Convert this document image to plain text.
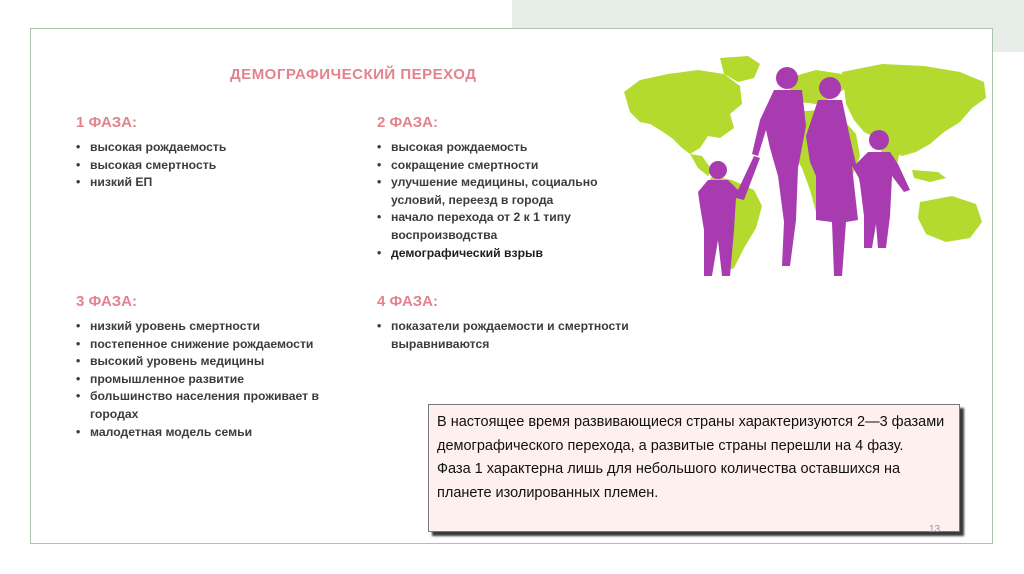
ДЕМОГРАФИЧЕСКИЙ ПЕРЕХОД
1 ФАЗА:
• высокая рождаемость
• высокая смертность
• низкий ЕП
2 ФАЗА:
• высокая рождаемость
• сокращение смертности
• улучшение медицины, социально условий, переезд в города
• начало перехода от 2 к 1 типу воспроизводства
• демографический взрыв
3 ФАЗА:
• низкий уровень смертности
• постепенное снижение рождаемости
• высокий уровень медицины
• промышленное развитие
• большинство населения проживает в городах
• малодетная модель семьи
4 ФАЗА:
• показатели рождаемости и смертности выравниваются

В настоящее время развивающиеся страны характеризуются 2—3 фазами демографического перехода, а развитые страны перешли на 4 фазу.

Фаза 1 характерна лишь для небольшого количества оставшихся на планете изолированных племен.

13
